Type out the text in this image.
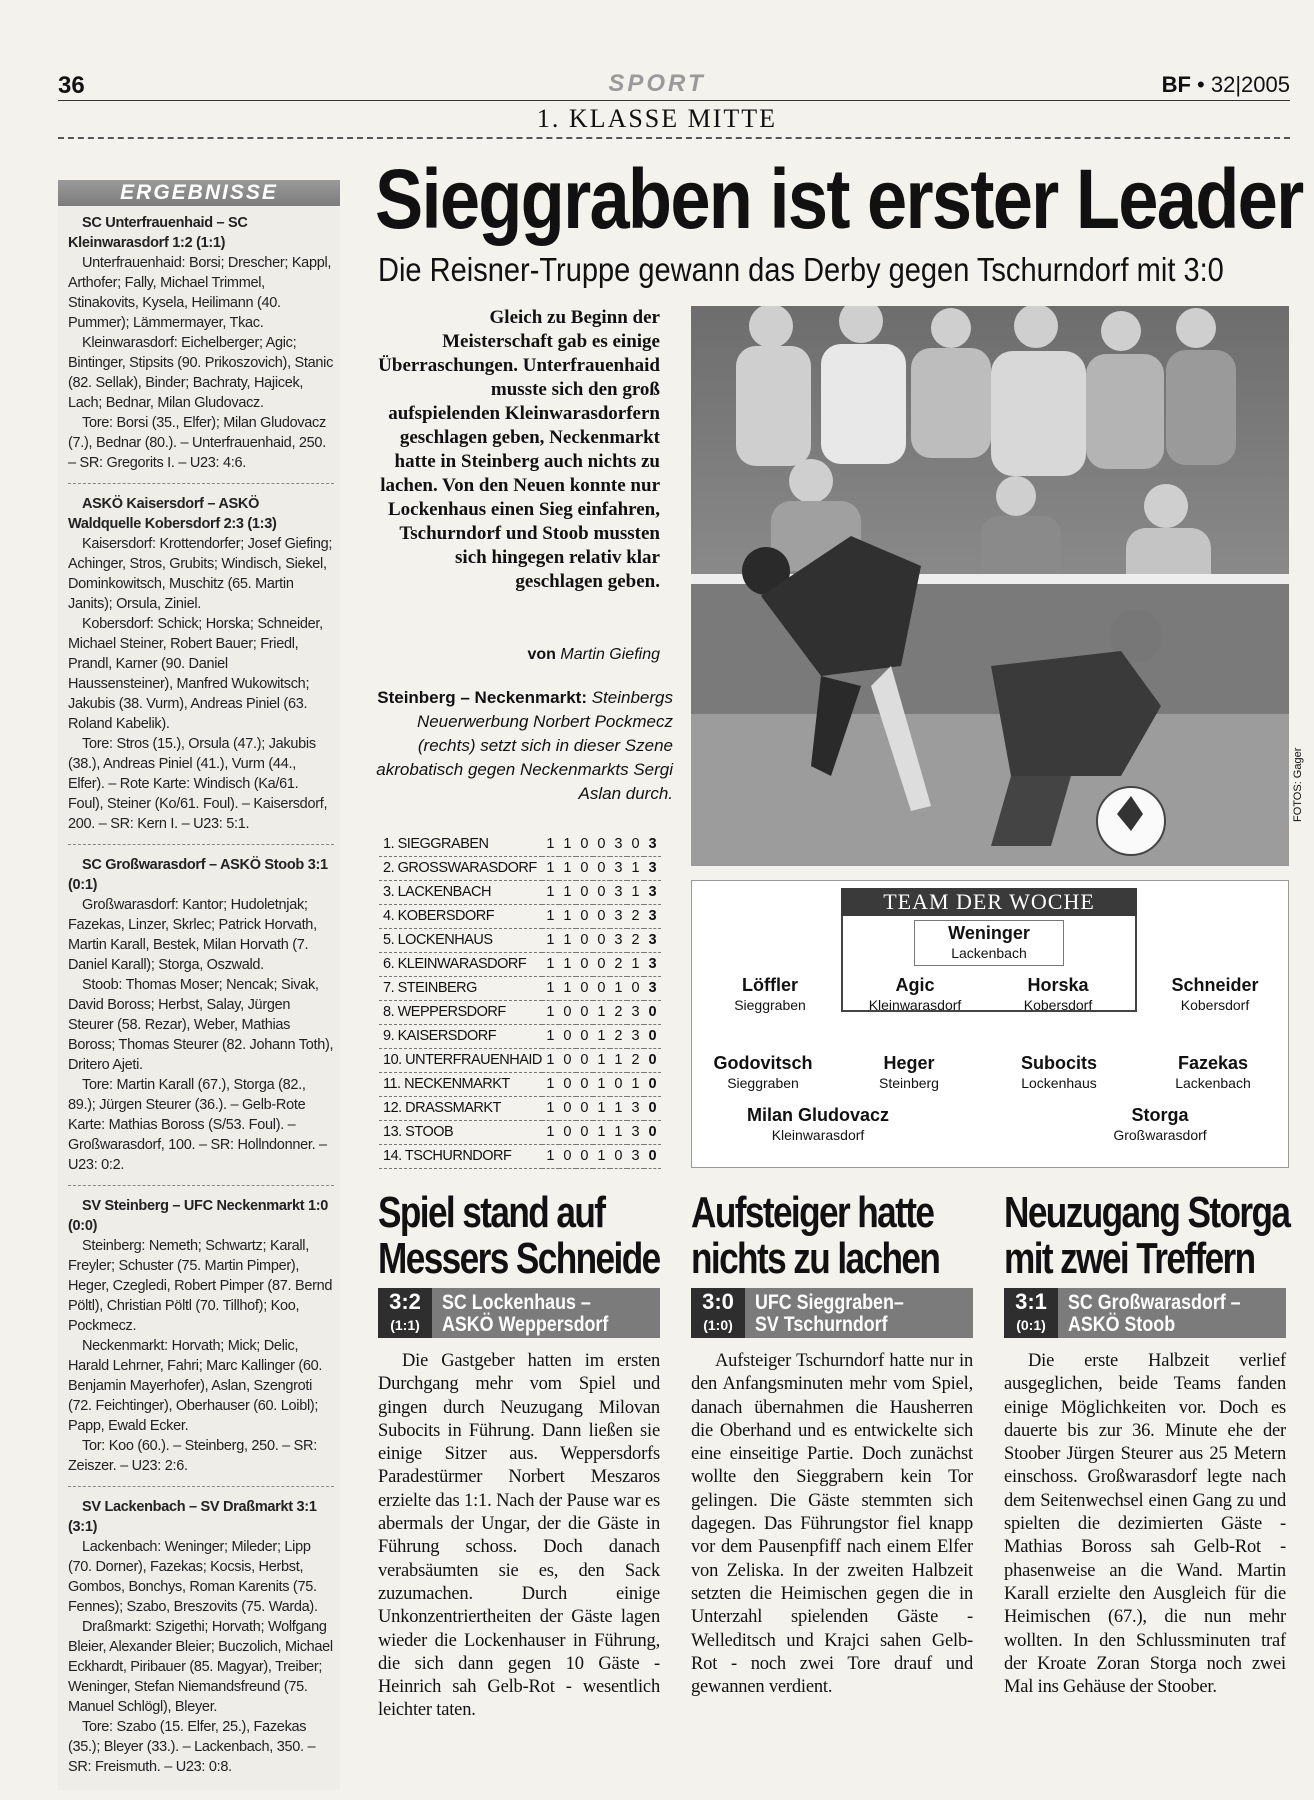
36	SPORT	BF • 32|2005
1. KLASSE MITTE
ERGEBNISSE

SC Unterfrauenhaid – SC Kleinwarasdorf 1:2 (1:1)

Unterfrauenhaid: Borsi; Drescher; Kappl, Arthofer; Fally, Michael Trimmel, Stinakovits, Kysela, Heilimann (40. Pummer); Lämmermayer, Tkac.

Kleinwarasdorf: Eichelberger; Agic; Bintinger, Stipsits (90. Prikoszovich), Stanic (82. Sellak), Binder; Bachraty, Hajicek, Lach; Bednar, Milan Gludovacz.

Tore: Borsi (35., Elfer); Milan Gludovacz (7.), Bednar (80.). – Unterfrauenhaid, 250. – SR: Gregorits I. – U23: 4:6.

ASKÖ Kaisersdorf – ASKÖ Waldquelle Kobersdorf 2:3 (1:3)

Kaisersdorf: Krottendorfer; Josef Giefing; Achinger, Stros, Grubits; Windisch, Siekel, Dominkowitsch, Muschitz (65. Martin Janits); Orsula, Ziniel.

Kobersdorf: Schick; Horska; Schneider, Michael Steiner, Robert Bauer; Friedl, Prandl, Karner (90. Daniel Haussensteiner), Manfred Wukowitsch; Jakubis (38. Vurm), Andreas Piniel (63. Roland Kabelik).

Tore: Stros (15.), Orsula (47.); Jakubis (38.), Andreas Piniel (41.), Vurm (44., Elfer). – Rote Karte: Windisch (Ka/61. Foul), Steiner (Ko/61. Foul). – Kaisersdorf, 200. – SR: Kern I. – U23: 5:1.

SC Großwarasdorf – ASKÖ Stoob 3:1 (0:1)

Großwarasdorf: Kantor; Hudoletnjak; Fazekas, Linzer, Skrlec; Patrick Horvath, Martin Karall, Bestek, Milan Horvath (7. Daniel Karall); Storga, Oszwald.

Stoob: Thomas Moser; Nencak; Sivak, David Boross; Herbst, Salay, Jürgen Steurer (58. Rezar), Weber, Mathias Boross; Thomas Steurer (82. Johann Toth), Dritero Ajeti.

Tore: Martin Karall (67.), Storga (82., 89.); Jürgen Steurer (36.). – Gelb-Rote Karte: Mathias Boross (S/53. Foul). – Großwarasdorf, 100. – SR: Hollndonner. – U23: 0:2.

SV Steinberg – UFC Neckenmarkt 1:0 (0:0)

Steinberg: Nemeth; Schwartz; Karall, Freyler; Schuster (75. Martin Pimper), Heger, Czegledi, Robert Pimper (87. Bernd Pöltl), Christian Pöltl (70. Tillhof); Koo, Pockmecz.

Neckenmarkt: Horvath; Mick; Delic, Harald Lehrner, Fahri; Marc Kallinger (60. Benjamin Mayerhofer), Aslan, Szengroti (72. Feichtinger), Oberhauser (60. Loibl); Papp, Ewald Ecker.

Tor: Koo (60.). – Steinberg, 250. – SR: Zeiszer. – U23: 2:6.

SV Lackenbach – SV Draßmarkt 3:1 (3:1)

Lackenbach: Weninger; Mileder; Lipp (70. Dorner), Fazekas; Kocsis, Herbst, Gombos, Bonchys, Roman Karenits (75. Fennes); Szabo, Breszovits (75. Warda).

Draßmarkt: Szigethi; Horvath; Wolfgang Bleier, Alexander Bleier; Buczolich, Michael Eckhardt, Piribauer (85. Magyar), Treiber; Weninger, Stefan Niemandsfreund (75. Manuel Schlögl), Bleyer.

Tore: Szabo (15. Elfer, 25.), Fazekas (35.); Bleyer (33.). – Lackenbach, 350. – SR: Freismuth. – U23: 0:8.

Sieggraben ist erster Leader
Die Reisner-Truppe gewann das Derby gegen Tschurndorf mit 3:0
Gleich zu Beginn der Meisterschaft gab es einige Überraschungen. Unterfrauenhaid musste sich den groß aufspielenden Kleinwarasdorfern geschlagen geben, Neckenmarkt hatte in Steinberg auch nichts zu lachen. Von den Neuen konnte nur Lockenhaus einen Sieg einfahren, Tschurndorf und Stoob mussten sich hingegen relativ klar geschlagen geben.
von Martin Giefing
Steinberg – Neckenmarkt: Steinbergs Neuerwerbung Norbert Pockmecz (rechts) setzt sich in dieser Szene akrobatisch gegen Neckenmarkts Sergi Aslan durch.	FOTOS: Gager
1. SIEGGRABEN	1	1	0	0	3	0	3
2. GROSSWARASDORF	1	1	0	0	3	1	3
3. LACKENBACH	1	1	0	0	3	1	3
4. KOBERSDORF	1	1	0	0	3	2	3
5. LOCKENHAUS	1	1	0	0	3	2	3
6. KLEINWARASDORF	1	1	0	0	2	1	3
7. STEINBERG	1	1	0	0	1	0	3
8. WEPPERSDORF	1	0	0	1	2	3	0
9. KAISERSDORF	1	0	0	1	2	3	0
10. UNTERFRAUENHAID	1	0	0	1	1	2	0
11. NECKENMARKT	1	0	0	1	0	1	0
12. DRASSMARKT	1	0	0	1	1	3	0
13. STOOB	1	0	0	1	1	3	0
14. TSCHURNDORF	1	0	0	1	0	3	0
TEAM DER WOCHE
Weninger
Lackenbach
Löffler
Sieggraben
Agic
Kleinwarasdorf
Horska
Kobersdorf
Schneider
Kobersdorf
Godovitsch
Sieggraben
Heger
Steinberg
Subocits
Lockenhaus
Fazekas
Lackenbach
Milan Gludovacz
Kleinwarasdorf
Storga
Großwarasdorf
Spiel stand auf
Messers Schneide
3:2
(1:1)
SC Lockenhaus –
ASKÖ Weppersdorf

Die Gastgeber hatten im ersten Durchgang mehr vom Spiel und gingen durch Neuzugang Milovan Subocits in Führung. Dann ließen sie einige Sitzer aus. Weppersdorfs Paradestürmer Norbert Meszaros erzielte das 1:1. Nach der Pause war es abermals der Ungar, der die Gäste in Führung schoss. Doch danach verabsäumten sie es, den Sack zuzumachen. Durch einige Unkonzentriertheiten der Gäste lagen wieder die Lockenhauser in Führung, die sich dann gegen 10 Gäste - Heinrich sah Gelb-Rot - wesentlich leichter taten.

Aufsteiger hatte
nichts zu lachen
3:0
(1:0)
UFC Sieggraben–
SV Tschurndorf

Aufsteiger Tschurndorf hatte nur in den Anfangsminuten mehr vom Spiel, danach übernahmen die Hausherren die Oberhand und es entwickelte sich eine einseitige Partie. Doch zunächst wollte den Sieggrabern kein Tor gelingen. Die Gäste stemmten sich dagegen. Das Führungstor fiel knapp vor dem Pausenpfiff nach einem Elfer von Zeliska. In der zweiten Halbzeit setzten die Heimischen gegen die in Unterzahl spielenden Gäste - Welleditsch und Krajci sahen Gelb-Rot - noch zwei Tore drauf und gewannen verdient.

Neuzugang Storga
mit zwei Treffern
3:1
(0:1)
SC Großwarasdorf –
ASKÖ Stoob

Die erste Halbzeit verlief ausgeglichen, beide Teams fanden einige Möglichkeiten vor. Doch es dauerte bis zur 36. Minute ehe der Stoober Jürgen Steurer aus 25 Metern einschoss. Großwarasdorf legte nach dem Seitenwechsel einen Gang zu und spielten die dezimierten Gäste - Mathias Boross sah Gelb-Rot - phasenweise an die Wand. Martin Karall erzielte den Ausgleich für die Heimischen (67.), die nun mehr wollten. In den Schlussminuten traf der Kroate Zoran Storga noch zwei Mal ins Gehäuse der Stoober.
